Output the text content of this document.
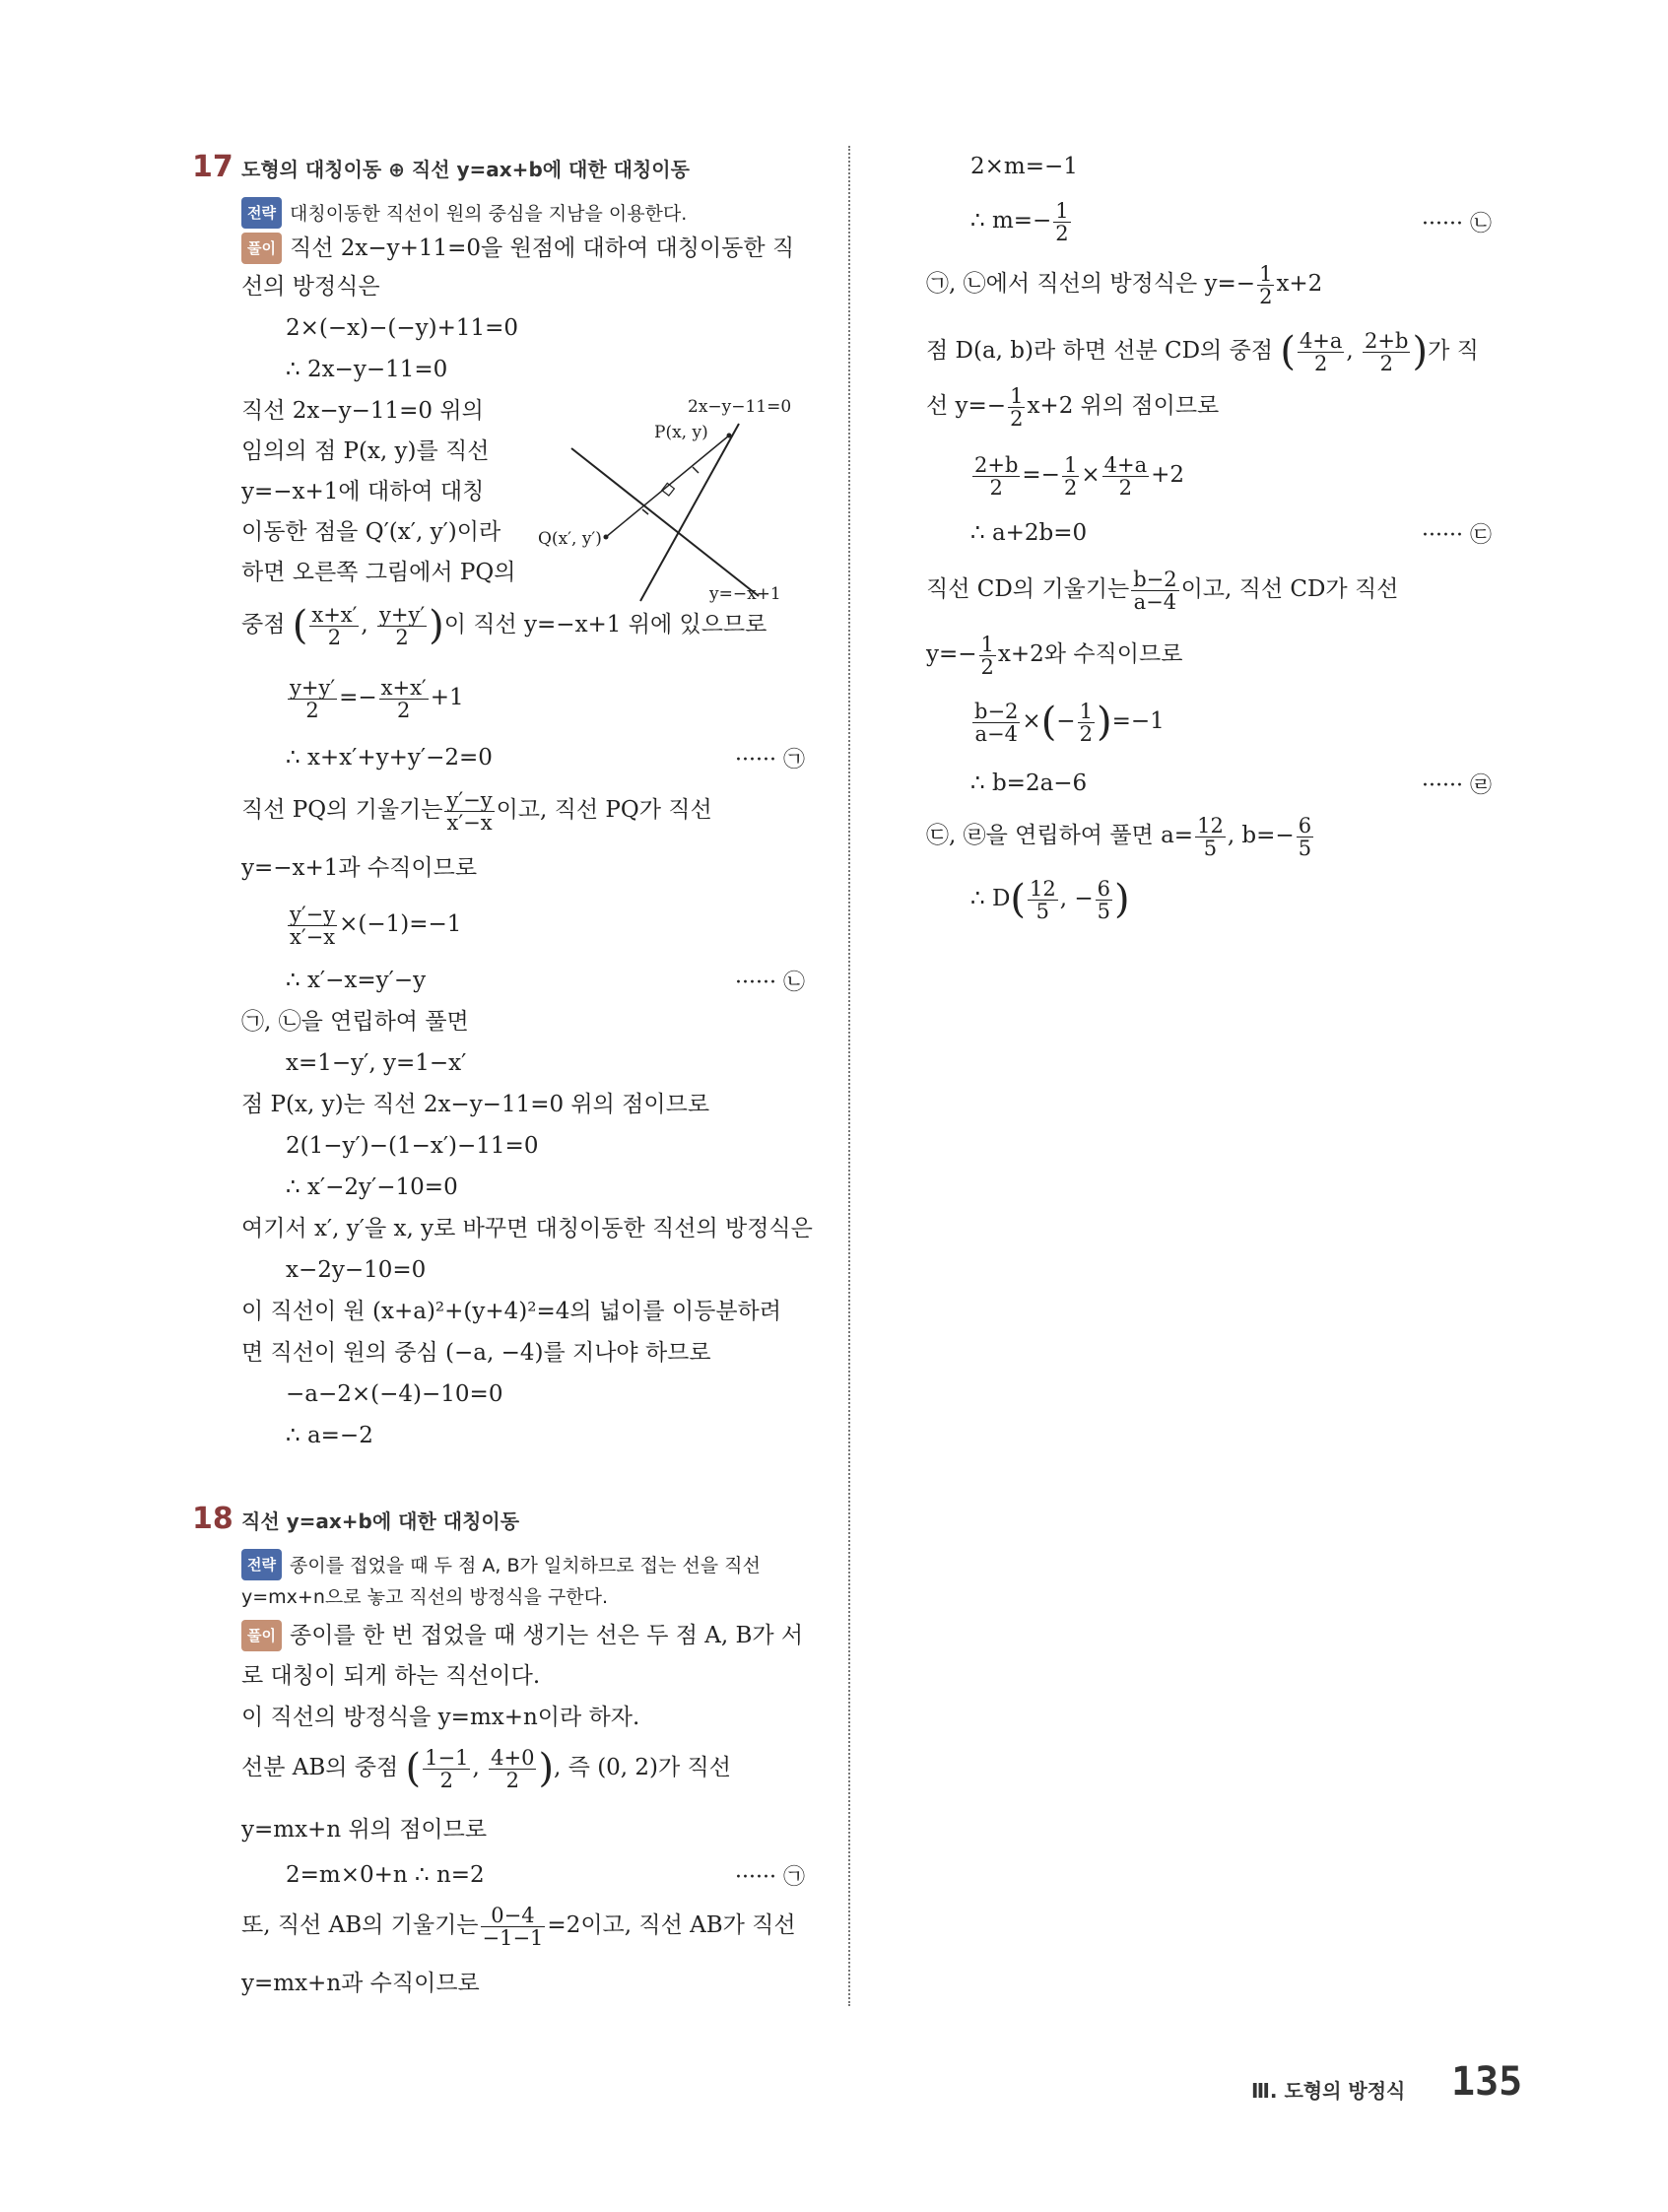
17 도형의 대칭이동 ⊕ 직선 y=ax+b에 대한 대칭이동
전략 대칭이동한 직선이 원의 중심을 지남을 이용한다.
풀이 직선 2x−y+11=0을 원점에 대하여 대칭이동한 직
선의 방정식은
2×(−x)−(−y)+11=0
∴ 2x−y−11=0
직선 2x−y−11=0 위의
임의의 점 P(x, y)를 직선
y=−x+1에 대하여 대칭
이동한 점을 Q′(x′, y′)이라
하면 오른쪽 그림에서 PQ의
2x−y−11=0
P(x, y)
Q(x′, y′)
y=−x+1
중점 ( $\frac{x+x'}{2}$ , $\frac{y+y'}{2}$ )이 직선 y=−x+1 위에 있으므로
$\frac{y+y'}{2} =- \frac{x+x'}{2} +1$
∴ x+x′+y+y′−2=0	······ ㉠
직선 PQ의 기울기는 $\frac{y'-y}{x'-x}$ 이고, 직선 PQ가 직선
y=−x+1과 수직이므로
$\frac{y'-y}{x'-x} \times(-1)=-1$
∴ x′−x=y′−y	······ ㉡
㉠, ㉡을 연립하여 풀면
x=1−y′, y=1−x′
점 P(x, y)는 직선 2x−y−11=0 위의 점이므로
2(1−y′)−(1−x′)−11=0
∴ x′−2y′−10=0
여기서 x′, y′을 x, y로 바꾸면 대칭이동한 직선의 방정식은
x−2y−10=0
이 직선이 원 (x+a)²+(y+4)²=4의 넓이를 이등분하려
면 직선이 원의 중심 (−a, −4)를 지나야 하므로
−a−2×(−4)−10=0
∴ a=−2
18 직선 y=ax+b에 대한 대칭이동
전략 종이를 접었을 때 두 점 A, B가 일치하므로 접는 선을 직선
y=mx+n으로 놓고 직선의 방정식을 구한다.
풀이 종이를 한 번 접었을 때 생기는 선은 두 점 A, B가 서
로 대칭이 되게 하는 직선이다.
이 직선의 방정식을 y=mx+n이라 하자.
선분 AB의 중점 ( $\frac{1-1}{2}$ , $\frac{4+0}{2}$ ), 즉 (0, 2)가 직선
y=mx+n 위의 점이므로
2=m×0+n ∴ n=2	······ ㉠
또, 직선 AB의 기울기는 $\frac{0-4}{-1-1} =2$이고, 직선 AB가 직선
y=mx+n과 수직이므로
2×m=−1
∴ $m=- \frac{1}{2}$	······ ㉡
㉠, ㉡에서 직선의 방정식은 $y=- \frac{1}{2} x+2$
점 D(a, b)라 하면 선분 CD의 중점 ( $\frac{4+a}{2}$ , $\frac{2+b}{2}$ )가 직
선 $y=- \frac{1}{2} x+2$ 위의 점이므로
$\frac{2+b}{2} =- \frac{1}{2} \times \frac{4+a}{2} +2$
∴ a+2b=0	······ ㉢
직선 CD의 기울기는 $\frac{b-2}{a-4}$ 이고, 직선 CD가 직선
$y=- \frac{1}{2} x+2$와 수직이므로
$\frac{b-2}{a-4}$ ×(− $\frac{1}{2} )=-1$
∴ b=2a−6	······ ㉣
㉢, ㉣을 연립하여 풀면 $a= \frac{12}{5}$ , $b=- \frac{6}{5}$
∴ $D( \frac{12}{5}$ , − $\frac{6}{5}$ )
Ⅲ. 도형의 방정식 135
